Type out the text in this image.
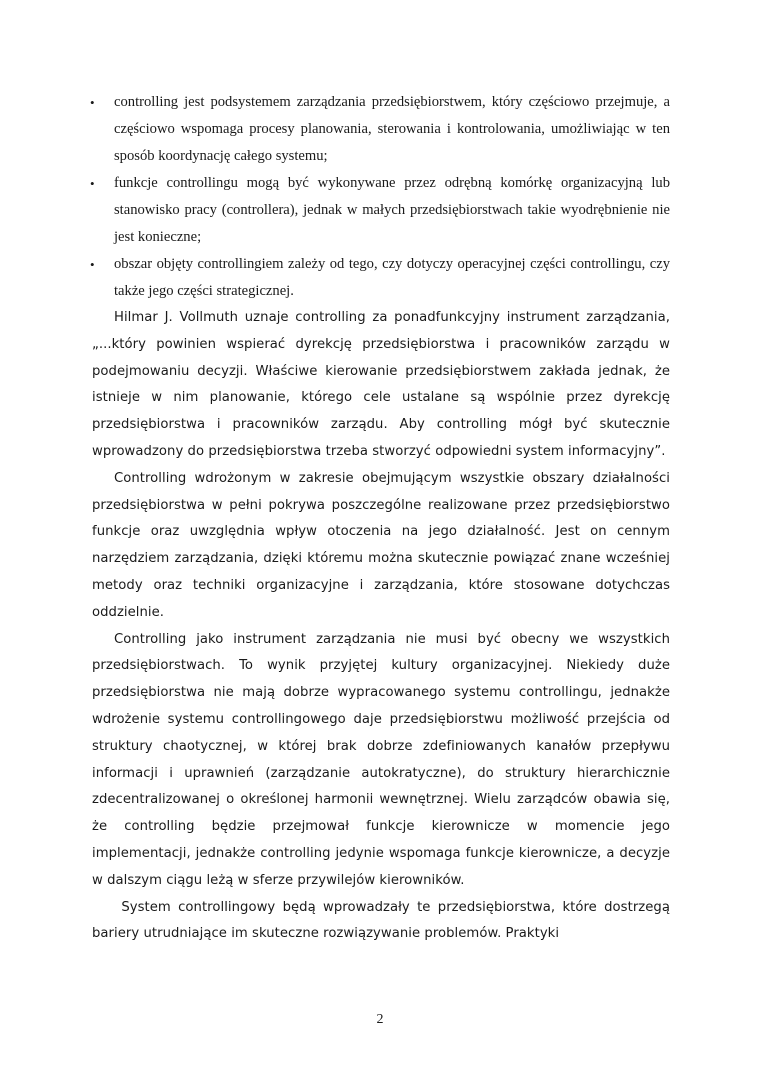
•	controlling jest podsystemem zarządzania przedsiębiorstwem, który częściowo przejmuje, a częściowo wspomaga procesy planowania, sterowania i kontrolowania, umożliwiając w ten sposób koordynację całego systemu;
•	funkcje controllingu mogą być wykonywane przez odrębną komórkę organizacyjną lub stanowisko pracy (controllera), jednak w małych przedsiębiorstwach takie wyodrębnienie nie jest konieczne;
•	obszar objęty controllingiem zależy od tego, czy dotyczy operacyjnej części controllingu, czy także jego części strategicznej.

Hilmar J. Vollmuth uznaje controlling za ponadfunkcyjny instrument zarządzania, „...który powinien wspierać dyrekcję przedsiębiorstwa i pracowników zarządu w podejmowaniu decyzji. Właściwe kierowanie przedsiębiorstwem zakłada jednak, że istnieje w nim planowanie, którego cele ustalane są wspólnie przez dyrekcję przedsiębiorstwa i pracowników zarządu. Aby controlling mógł być skutecznie wprowadzony do przedsiębiorstwa trzeba stworzyć odpowiedni system informacyjny”.

Controlling wdrożonym w zakresie obejmującym wszystkie obszary działalności przedsiębiorstwa w pełni pokrywa poszczególne realizowane przez przedsiębiorstwo funkcje oraz uwzględnia wpływ otoczenia na jego działalność. Jest on cennym narzędziem zarządzania, dzięki któremu można skutecznie powiązać znane wcześniej metody oraz techniki organizacyjne i zarządzania, które stosowane dotychczas oddzielnie.

Controlling jako instrument zarządzania nie musi być obecny we wszystkich przedsiębiorstwach. To wynik przyjętej kultury organizacyjnej. Niekiedy duże przedsiębiorstwa nie mają dobrze wypracowanego systemu controllingu, jednakże wdrożenie systemu controllingowego daje przedsiębiorstwu możliwość przejścia od struktury chaotycznej, w której brak dobrze zdefiniowanych kanałów przepływu informacji i uprawnień (zarządzanie autokratyczne), do struktury hierarchicznie zdecentralizowanej o określonej harmonii wewnętrznej. Wielu zarządców obawia się, że controlling będzie przejmował funkcje kierownicze w momencie jego implementacji, jednakże controlling jedynie wspomaga funkcje kierownicze, a decyzje w dalszym ciągu leżą w sferze przywilejów kierowników.

System controllingowy będą wprowadzały te przedsiębiorstwa, które dostrzegą bariery utrudniające im skuteczne rozwiązywanie problemów. Praktyki

2
